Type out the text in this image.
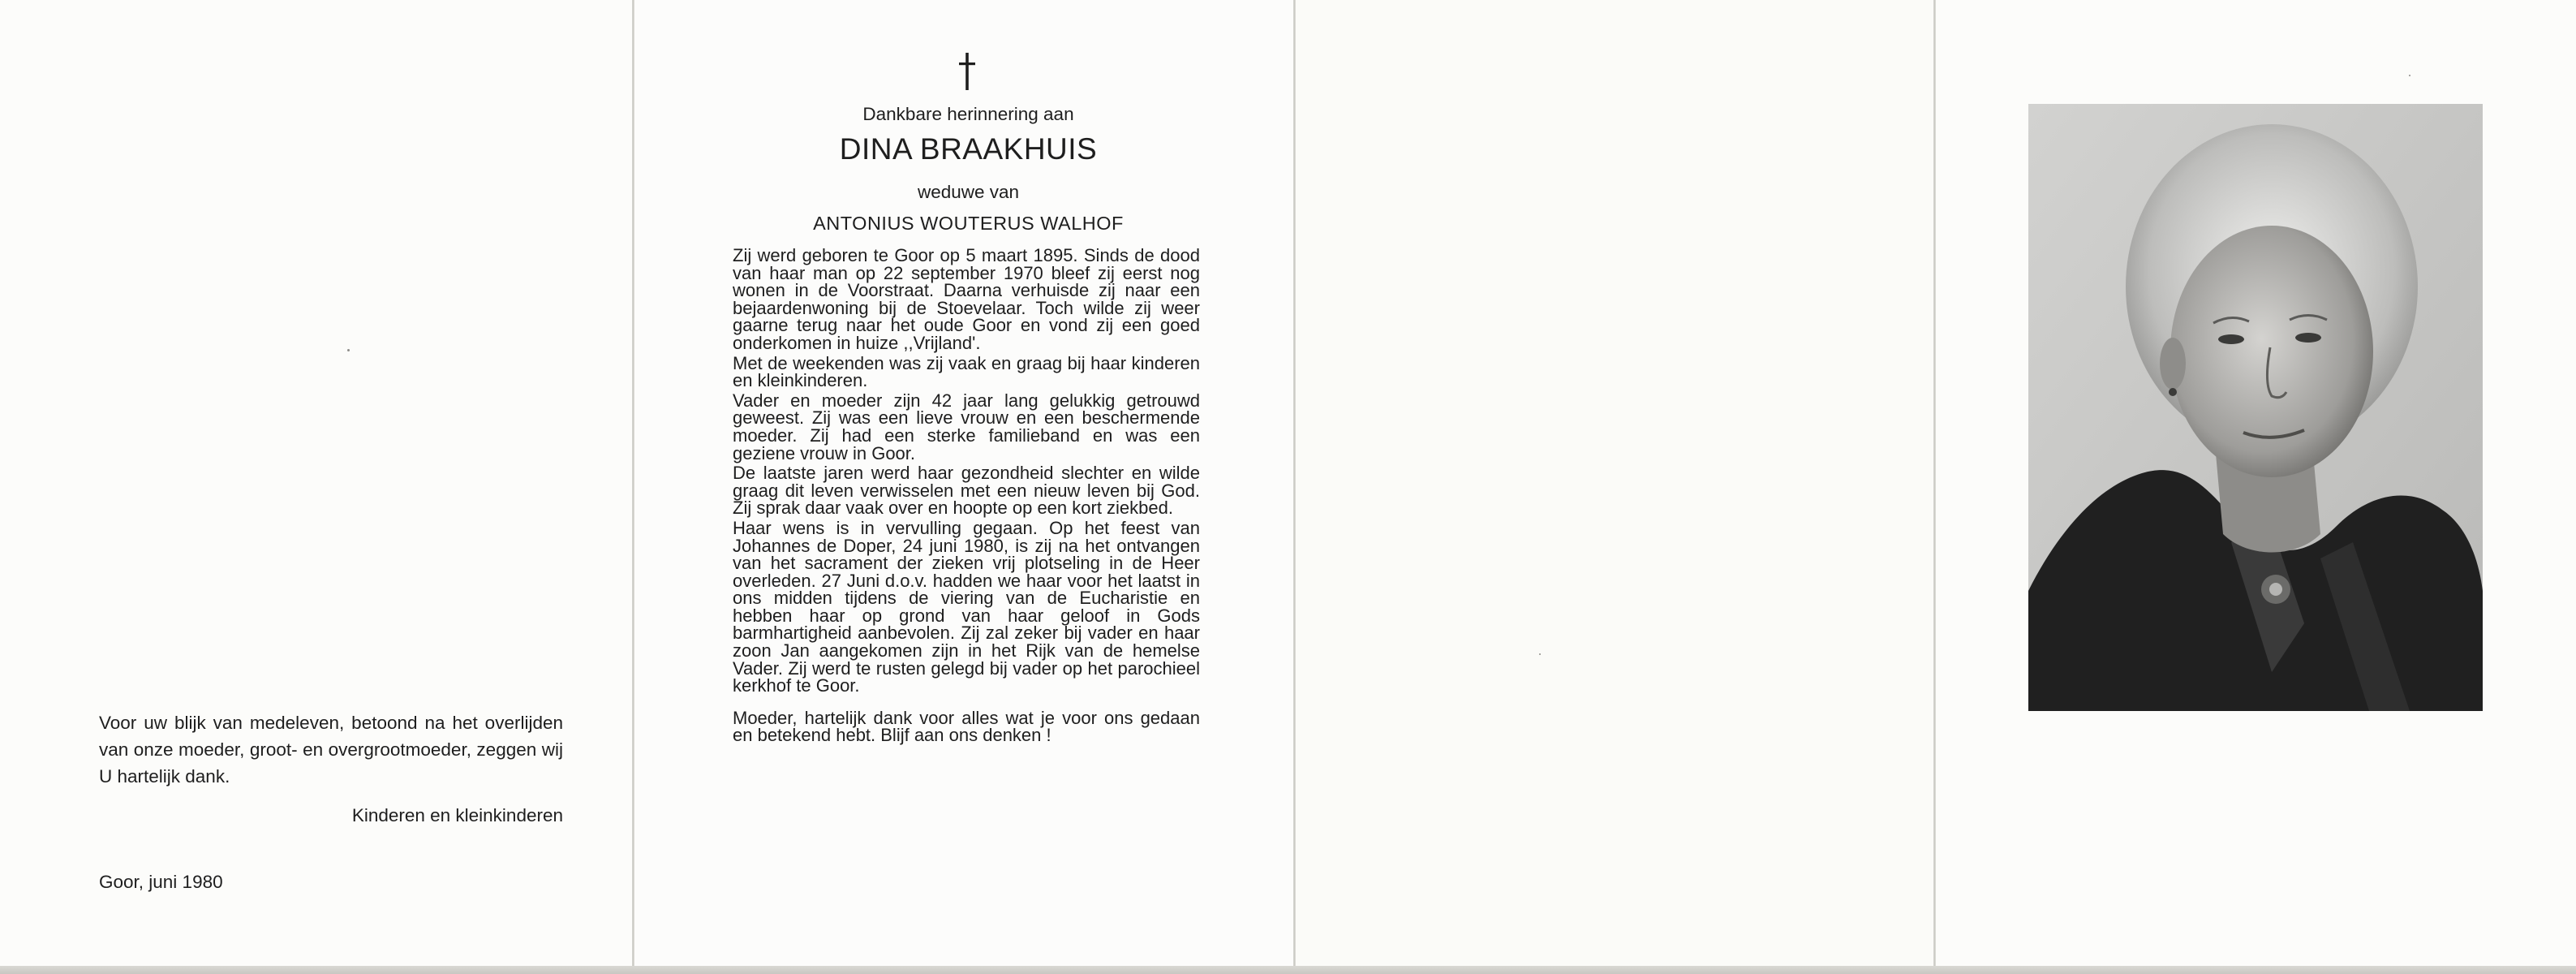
Voor uw blijk van medeleven, betoond na het overlijden van onze moeder, groot- en overgrootmoeder, zeggen wij U hartelijk dank.
Kinderen en kleinkinderen
Goor, juni 1980
Dankbare herinnering aan
DINA BRAAKHUIS
weduwe van
ANTONIUS WOUTERUS WALHOF

Zij werd geboren te Goor op 5 maart 1895. Sinds de dood van haar man op 22 september 1970 bleef zij eerst nog wonen in de Voorstraat. Daarna verhuisde zij naar een bejaardenwoning bij de Stoevelaar. Toch wilde zij weer gaarne terug naar het oude Goor en vond zij een goed onderkomen in huize ,,Vrijland'.

Met de weekenden was zij vaak en graag bij haar kinderen en kleinkinderen.

Vader en moeder zijn 42 jaar lang gelukkig getrouwd geweest. Zij was een lieve vrouw en een beschermende moeder. Zij had een sterke familieband en was een geziene vrouw in Goor.

De laatste jaren werd haar gezondheid slechter en wilde graag dit leven verwisselen met een nieuw leven bij God. Zij sprak daar vaak over en hoopte op een kort ziekbed.

Haar wens is in vervulling gegaan. Op het feest van Johannes de Doper, 24 juni 1980, is zij na het ontvangen van het sacrament der zieken vrij plotseling in de Heer overleden. 27 Juni d.o.v. hadden we haar voor het laatst in ons midden tijdens de viering van de Eucharistie en hebben haar op grond van haar geloof in Gods barmhartigheid aanbevolen. Zij zal zeker bij vader en haar zoon Jan aangekomen zijn in het Rijk van de hemelse Vader. Zij werd te rusten gelegd bij vader op het parochieel kerkhof te Goor.

Moeder, hartelijk dank voor alles wat je voor ons gedaan en betekend hebt. Blijf aan ons denken !
